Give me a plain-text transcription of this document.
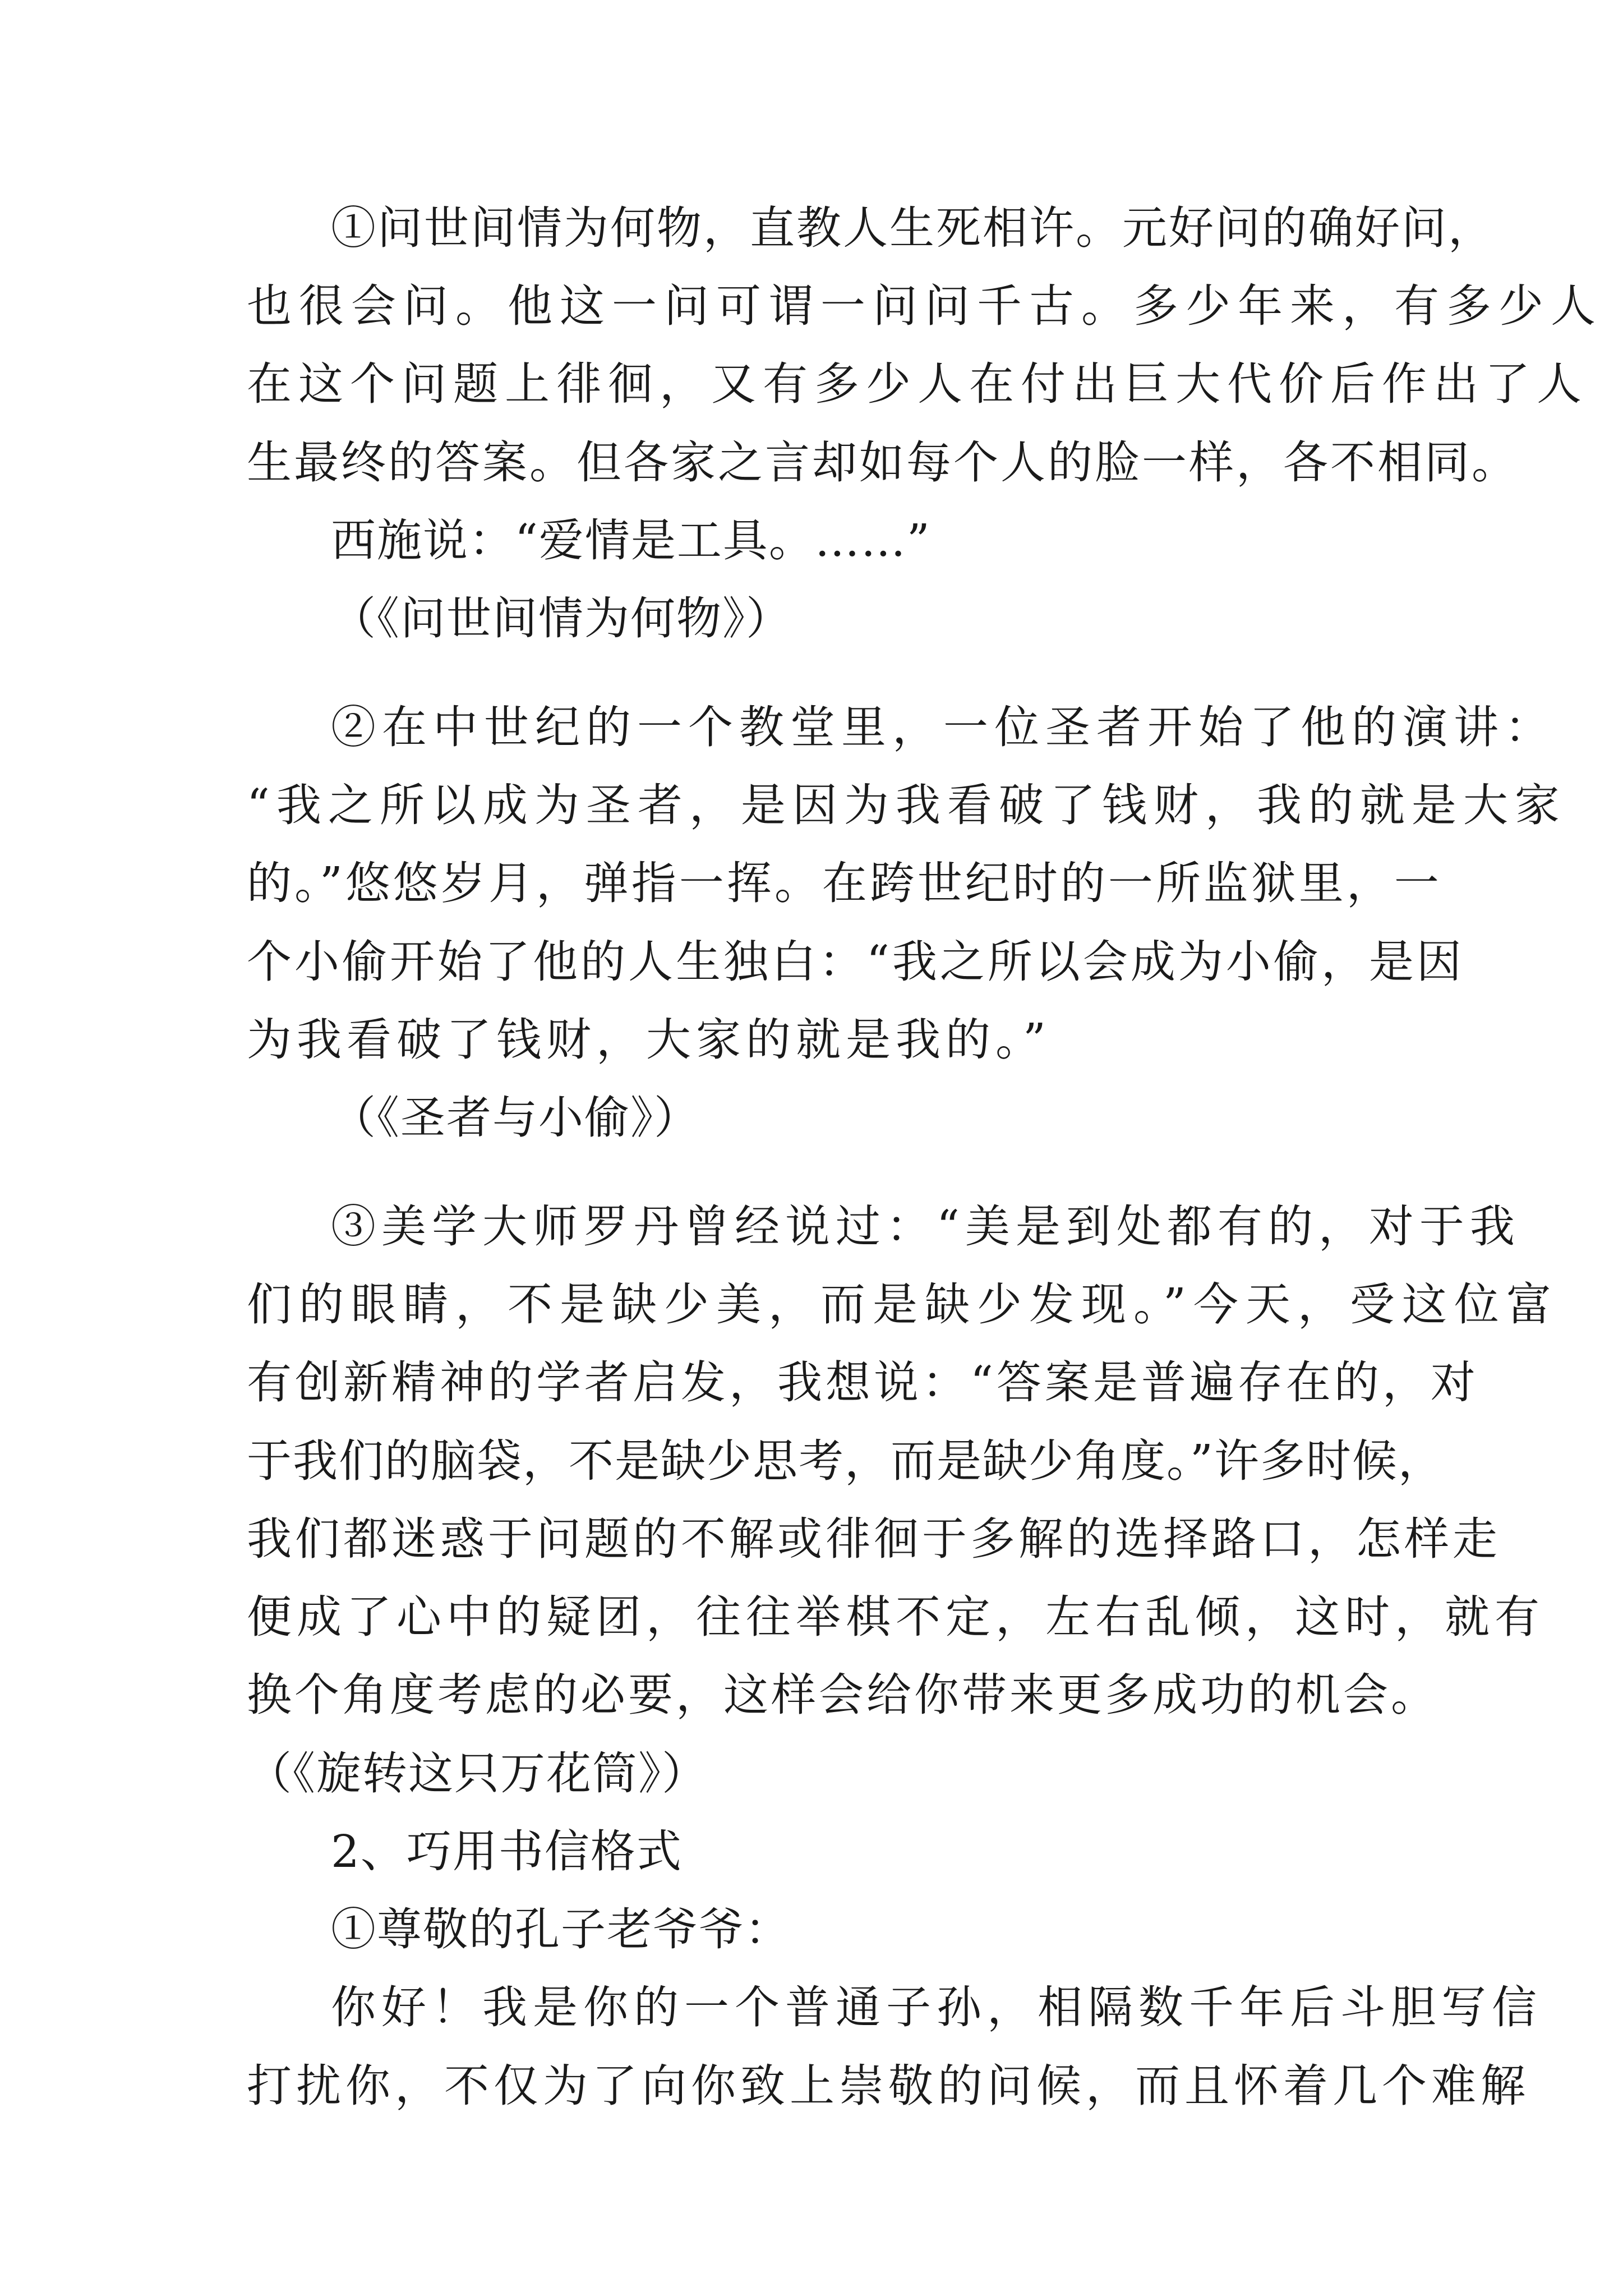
①问世间情为何物，直教人生死相许。元好问的确好问，
也很会问。他这一问可谓一问问千古。多少年来，有多少人
在这个问题上徘徊，又有多少人在付出巨大代价后作出了人
生最终的答案。但各家之言却如每个人的脸一样，各不相同。
西施说：“爱情是工具。……”
（《问世间情为何物》）
②在中世纪的一个教堂里，一位圣者开始了他的演讲：
“我之所以成为圣者，是因为我看破了钱财，我的就是大家
的。”悠悠岁月，弹指一挥。在跨世纪时的一所监狱里，一
个小偷开始了他的人生独白：“我之所以会成为小偷，是因
为我看破了钱财，大家的就是我的。”
（《圣者与小偷》）
③美学大师罗丹曾经说过：“美是到处都有的，对于我
们的眼睛，不是缺少美，而是缺少发现。”今天，受这位富
有创新精神的学者启发，我想说：“答案是普遍存在的，对
于我们的脑袋，不是缺少思考，而是缺少角度。”许多时候，
我们都迷惑于问题的不解或徘徊于多解的选择路口，怎样走
便成了心中的疑团，往往举棋不定，左右乱倾，这时，就有
换个角度考虑的必要，这样会给你带来更多成功的机会。
（《旋转这只万花筒》）
2、巧用书信格式
①尊敬的孔子老爷爷：
你好！我是你的一个普通子孙，相隔数千年后斗胆写信
打扰你，不仅为了向你致上崇敬的问候，而且怀着几个难解
